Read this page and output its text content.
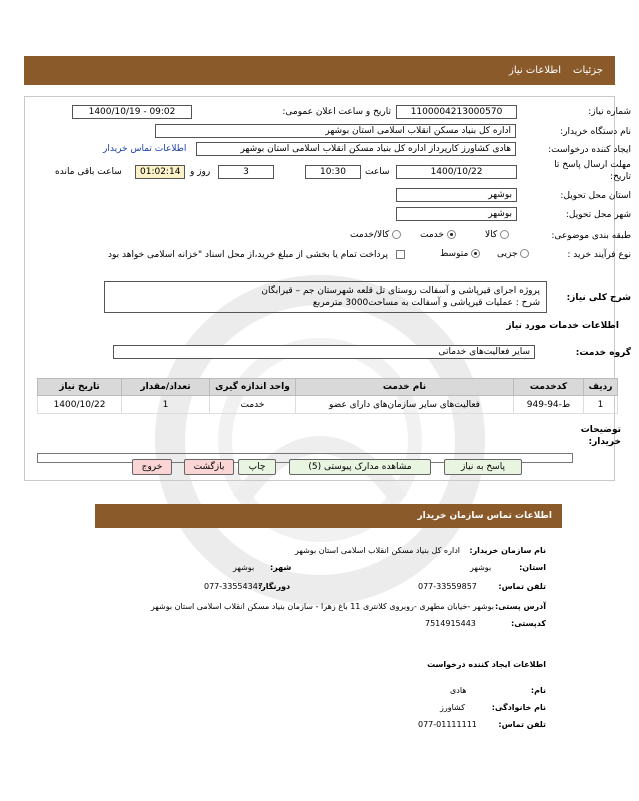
جزئیات
اطلاعات نیاز
شماره نیاز:
1100004213000570
تاریخ و ساعت اعلان عمومی:
1400/10/19 - 09:02
نام دستگاه خریدار:
اداره کل بنیاد مسکن انقلاب اسلامی استان بوشهر
ایجاد کننده درخواست:
هادی کشاورز کارپرداز اداره کل بنیاد مسکن انقلاب اسلامی استان بوشهر
اطلاعات تماس خریدار
مهلت ارسال پاسخ تا تاریخ:
1400/10/22
ساعت
10:30
3
روز و
01:02:14
ساعت باقی مانده
استان محل تحویل:
بوشهر
شهر محل تحویل:
بوشهر
طبقه بندی موضوعی:
کالا
خدمت
کالا/خدمت
نوع فرآیند خرید :
جزیی
متوسط
پرداخت تمام یا بخشی از مبلغ خرید،از محل اسناد "خزانه اسلامی خواهد بود
شرح کلی نیاز:
پروژه اجرای قیرپاشی و آسفالت روستای تل قلعه شهرستان جم – قیرابگان
شرح : عملیات قیرپاشی و آسفالت به مساحت3000 مترمربع
اطلاعات خدمات مورد نیاز
گروه خدمت:
سایر فعالیت‌های خدماتی
ردیف	کدخدمت	نام خدمت	واحد اندازه گیری	تعداد/مقدار	تاریخ نیاز
1	ط-94-949	فعالیت‌های سایر سازمان‌های دارای عضو	خدمت	1	1400/10/22
توضیحات خریدار:
پاسخ به نیاز
مشاهده مدارک پیوستی (5)
چاپ
بازگشت
خروج
اطلاعات تماس سازمان خریدار
نام سازمان خریدار:
اداره کل بنیاد مسکن انقلاب اسلامی استان بوشهر
استان:
بوشهر
شهر:
بوشهر
تلفن تماس:
077-33559857
دورنگار:
077-33554347
آدرس پستی:
بوشهر -خیابان مطهری -روبروی کلانتری 11 باغ زهرا - سازمان بنیاد مسکن انقلاب اسلامی استان بوشهر
کدپستی:
7514915443
اطلاعات ایجاد کننده درخواست
نام:
هادی
نام خانوادگی:
کشاورز
تلفن تماس:
077-01111111
